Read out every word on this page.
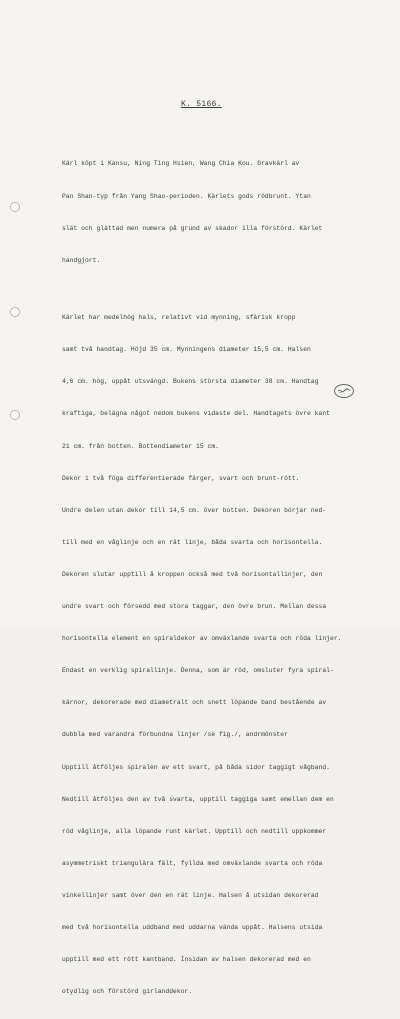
K. 5166.

Kärl köpt i Kansu, Ning Ting Hsien, Wang Chia Kou. Gravkärl av

Pan Shan-typ från Yang Shao-perioden. Kärlets gods rödbrunt. Ytan

slät och glättad men numera på grund av skador illa förstörd. Kärlet

handgjort.

Kärlet har medelhög hals, relativt vid mynning, sfärisk kropp

samt två handtag. Höjd 35 cm. Mynningens diameter 15,5 cm. Halsen

4,6 cm. hög, uppåt utsvängd. Bukens största diameter 38 cm. Handtag

kraftiga, belägna något nedom bukens vidaste del. Handtagets övre kant

21 cm. från botten. Bottendiameter 15 cm.

Dekor i två föga differentierade färger, svart och brunt-rött.

Undre delen utan dekor till 14,5 cm. över botten. Dekoren börjar ned-

till med en våglinje och en rät linje, båda svarta och horisontella.

Dekoren slutar upptill å kroppen också med två horisontallinjer, den

undre svart och försedd med stora taggar, den övre brun. Mellan dessa

horisontella element en spiraldekor av omväxlande svarta och röda linjer.

Endast en verklig spirallinje. Denna, som är röd, omsluter fyra spiral-

kärnor, dekorerade med diametralt och snett löpande band bestående av

dubbla med varandra förbundna linjer /se fig./, andrmönster

Upptill åtföljes spiralen av ett svart, på båda sidor taggigt vågband.

Nedtill åtföljes den av två svarta, upptill taggiga samt emellan dem en

röd våglinje, alla löpande runt kärlet. Upptill och nedtill uppkommer

asymmetriskt triangulära fält, fyllda med omväxlande svarta och röda

vinkellinjer samt över den en rät linje. Halsen å utsidan dekorerad

med två horisontella uddband med uddarna vända uppåt. Halsens utsida

upptill med ett rött kantband. Insidan av halsen dekorerad med en

otydlig och förstörd girlanddekor.
